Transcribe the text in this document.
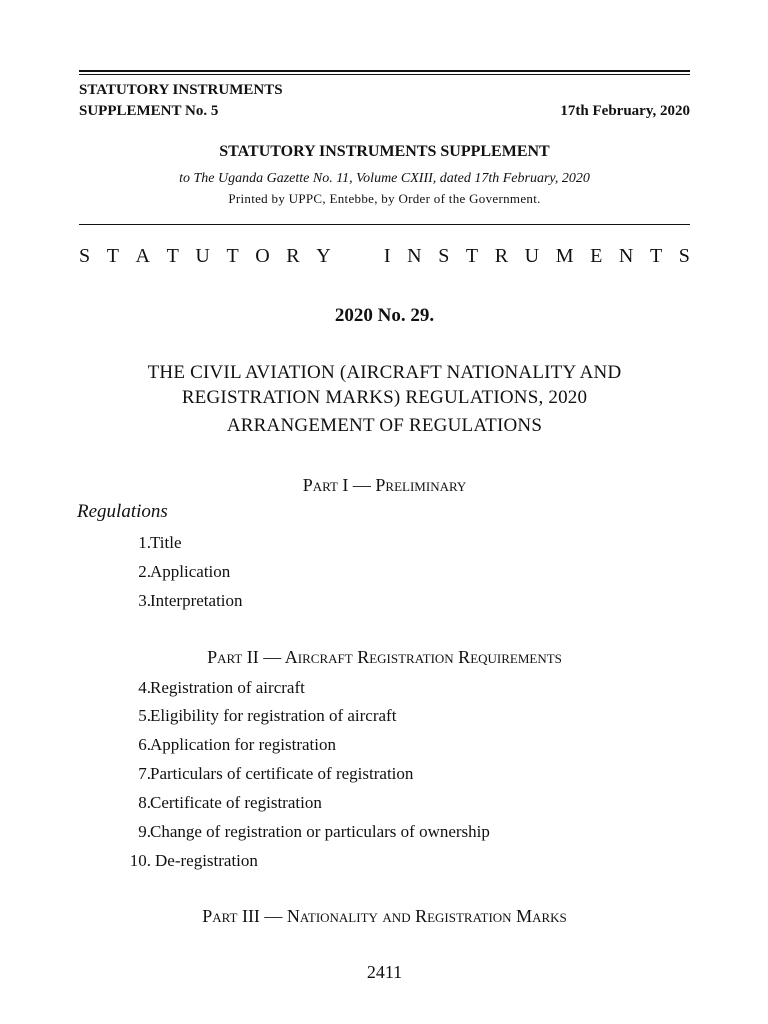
STATUTORY INSTRUMENTS
SUPPLEMENT No. 5	17th February, 2020
STATUTORY INSTRUMENTS SUPPLEMENT
to The Uganda Gazette No. 11, Volume CXIII, dated 17th February, 2020
Printed by UPPC, Entebbe, by Order of the Government.
S T A T U T O R Y	I N S T R U M E N T S
2020 No. 29.
THE CIVIL AVIATION (AIRCRAFT NATIONALITY AND
REGISTRATION MARKS) REGULATIONS, 2020
ARRANGEMENT OF REGULATIONS
Part I — Preliminary
Regulations
1. Title
2. Application
3. Interpretation
Part II — Aircraft Registration Requirements
4. Registration of aircraft
5. Eligibility for registration of aircraft
6. Application for registration
7. Particulars of certificate of registration
8. Certificate of registration
9. Change of registration or particulars of ownership
10. De-registration
Part III — Nationality and Registration Marks
2411
